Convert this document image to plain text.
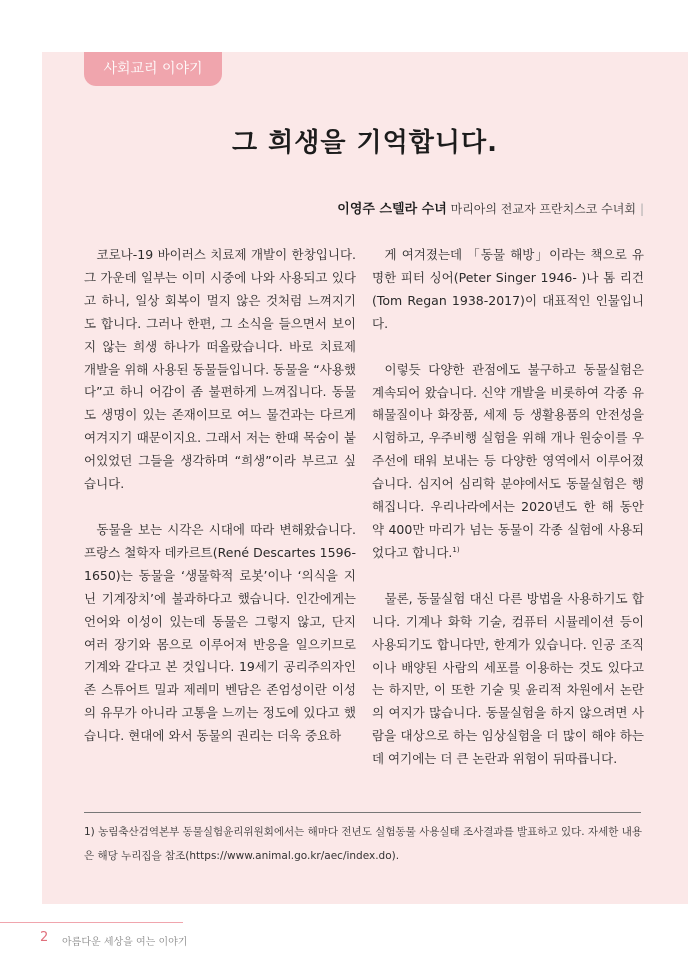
사회교리 이야기
그 희생을 기억합니다.
이영주 스텔라 수녀 마리아의 전교자 프란치스코 수녀회 |

코로나-19 바이러스 치료제 개발이 한창입니다. 그 가운데 일부는 이미 시중에 나와 사용되고 있다고 하니, 일상 회복이 멀지 않은 것처럼 느껴지기도 합니다. 그러나 한편, 그 소식을 들으면서 보이지 않는 희생 하나가 떠올랐습니다. 바로 치료제 개발을 위해 사용된 동물들입니다. 동물을 “사용했다”고 하니 어감이 좀 불편하게 느껴집니다. 동물도 생명이 있는 존재이므로 여느 물건과는 다르게 여겨지기 때문이지요. 그래서 저는 한때 목숨이 붙어있었던 그들을 생각하며 “희생”이라 부르고 싶습니다.

동물을 보는 시각은 시대에 따라 변해왔습니다. 프랑스 철학자 데카르트(René Descartes 1596-1650)는 동물을 ‘생물학적 로봇’이나 ‘의식을 지닌 기계장치’에 불과하다고 했습니다. 인간에게는 언어와 이성이 있는데 동물은 그렇지 않고, 단지 여러 장기와 몸으로 이루어져 반응을 일으키므로 기계와 같다고 본 것입니다. 19세기 공리주의자인 존 스튜어트 밀과 제레미 벤담은 존엄성이란 이성의 유무가 아니라 고통을 느끼는 정도에 있다고 했습니다. 현대에 와서 동물의 권리는 더욱 중요하

게 여겨졌는데 「동물 해방」이라는 책으로 유명한 피터 싱어(Peter Singer 1946- )나 톰 리건(Tom Regan 1938-2017)이 대표적인 인물입니다.

이렇듯 다양한 관점에도 불구하고 동물실험은 계속되어 왔습니다. 신약 개발을 비롯하여 각종 유해물질이나 화장품, 세제 등 생활용품의 안전성을 시험하고, 우주비행 실험을 위해 개나 원숭이를 우주선에 태워 보내는 등 다양한 영역에서 이루어졌습니다. 심지어 심리학 분야에서도 동물실험은 행해집니다. 우리나라에서는 2020년도 한 해 동안 약 400만 마리가 넘는 동물이 각종 실험에 사용되었다고 합니다.$^{1)}$

물론, 동물실험 대신 다른 방법을 사용하기도 합니다. 기계나 화학 기술, 컴퓨터 시뮬레이션 등이 사용되기도 합니다만, 한계가 있습니다. 인공 조직이나 배양된 사람의 세포를 이용하는 것도 있다고는 하지만, 이 또한 기술 및 윤리적 차원에서 논란의 여지가 많습니다. 동물실험을 하지 않으려면 사람을 대상으로 하는 임상실험을 더 많이 해야 하는데 여기에는 더 큰 논란과 위험이 뒤따릅니다.

1) 농림축산검역본부 동물실험윤리위원회에서는 해마다 전년도 실험동물 사용실태 조사결과를 발표하고 있다. 자세한 내용은 해당 누리집을 참조(https://www.animal.go.kr/aec/index.do).
2 아름다운 세상을 여는 이야기
